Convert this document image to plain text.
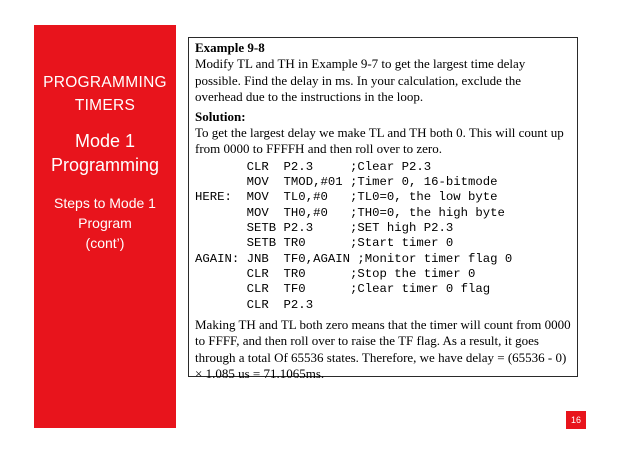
PROGRAMMING
TIMERS
Mode 1
Programming
Steps to Mode 1
Program
(cont’)

Example 9-8

Modify TL and TH in Example 9-7 to get the largest time delay possible. Find the delay in ms. In your calculation, exclude the overhead due to the instructions in the loop.

Solution:

To get the largest delay we make TL and TH both 0. This will count up from 0000 to FFFFH and then roll over to zero.

CLR  P2.3     ;Clear P2.3
MOV  TMOD,#01 ;Timer 0, 16-bitmode
HERE:  MOV  TL0,#0   ;TL0=0, the low byte
MOV  TH0,#0   ;TH0=0, the high byte
SETB P2.3     ;SET high P2.3
SETB TR0      ;Start timer 0
AGAIN: JNB  TF0,AGAIN ;Monitor timer flag 0
CLR  TR0      ;Stop the timer 0
CLR  TF0      ;Clear timer 0 flag
CLR  P2.3

Making TH and TL both zero means that the timer will count from 0000 to FFFF, and then roll over to raise the TF flag. As a result, it goes through a total Of 65536 states. Therefore, we have delay = (65536 - 0) × 1.085 us = 71.1065ms.

16
